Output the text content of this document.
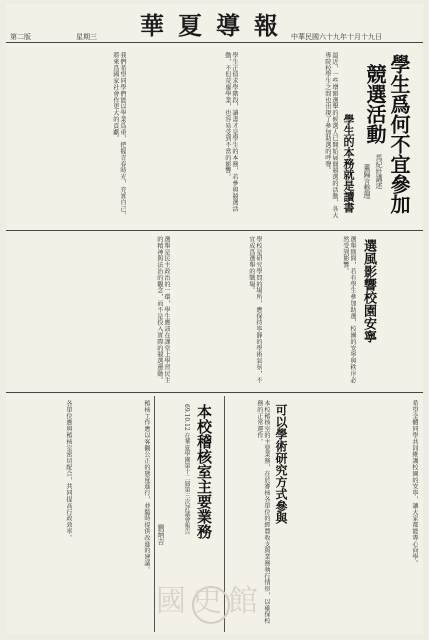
第二版	星期三	華夏導報 中華民國六十九年十月十九日
學生爲何不宜參加
競選活動
馬紀壯講述
董歸言整理
學生的本務就是讀書
最近，一些增額選舉的候選人已開始展開競選的活動，各大專院校學生之間也出現了參加助選的呼聲。
學生正值求學階段，讀書才是學生的本務，若參與競選活動，不但荒廢學業，也容易受到不當的影響。
我們希望同學們能以學業爲重，把握青春時光，充實自己，將來爲國家社會作更大的貢獻。
選風影響校園安寧
選舉期間，若有學生參加助選，校園的安寧與秩序必然受到影響。
學校是研究學問的場所，應保持寧靜的學術氣氛，不宜成爲選舉的戰場。
選舉是民主政治的一環，學生應該在課堂上學習民主的精神與法治的觀念，而不是投入實際的競選運動。
希望全體同學共同維護校園的安寧，讓大家都能專心向學。
可以學術研究方式參與
本校稽核室的主要業務，在於審核各單位的經費收支與業務執行情形，以確保校務的正常運作。
本校稽核室主要業務
69.10.12 在華夏學園第十二屆第三次評議會報告
劉炳吉
稽核工作應以客觀公正的態度進行，並隨時提供改進的建議。
各單位應與稽核室密切配合，共同提高行政效率。
國史館
